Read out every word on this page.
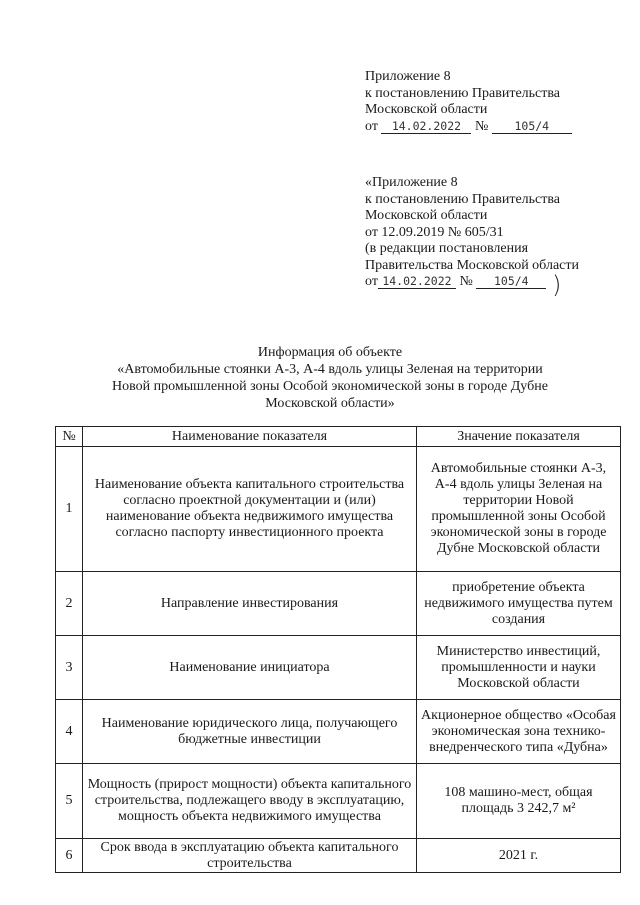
Приложение 8
к постановлению Правительства
Московской области
от 14.02.2022 № 105/4
«Приложение 8
к постановлению Правительства
Московской области
от 12.09.2019 № 605/31
(в редакции постановления
Правительства Московской области
от 14.02.2022 № 105/4 )
Информация об объекте
«Автомобильные стоянки А-3, А-4 вдоль улицы Зеленая на территории
Новой промышленной зоны Особой экономической зоны в городе Дубне
Московской области»
№	Наименование показателя	Значение показателя
1	Наименование объекта капитального строительства согласно проектной документации и (или) наименование объекта недвижимого имущества согласно паспорту инвестиционного проекта	Автомобильные стоянки А-3, А-4 вдоль улицы Зеленая на территории Новой промышленной зоны Особой экономической зоны в городе Дубне Московской области
2	Направление инвестирования	приобретение объекта недвижимого имущества путем создания
3	Наименование инициатора	Министерство инвестиций, промышленности и науки Московской области
4	Наименование юридического лица, получающего бюджетные инвестиции	Акционерное общество «Особая экономическая зона технико-внедренческого типа «Дубна»
5	Мощность (прирост мощности) объекта капитального строительства, подлежащего вводу в эксплуатацию, мощность объекта недвижимого имущества	108 машино-мест, общая площадь 3 242,7 м²
6	Срок ввода в эксплуатацию объекта капитального строительства	2021 г.
